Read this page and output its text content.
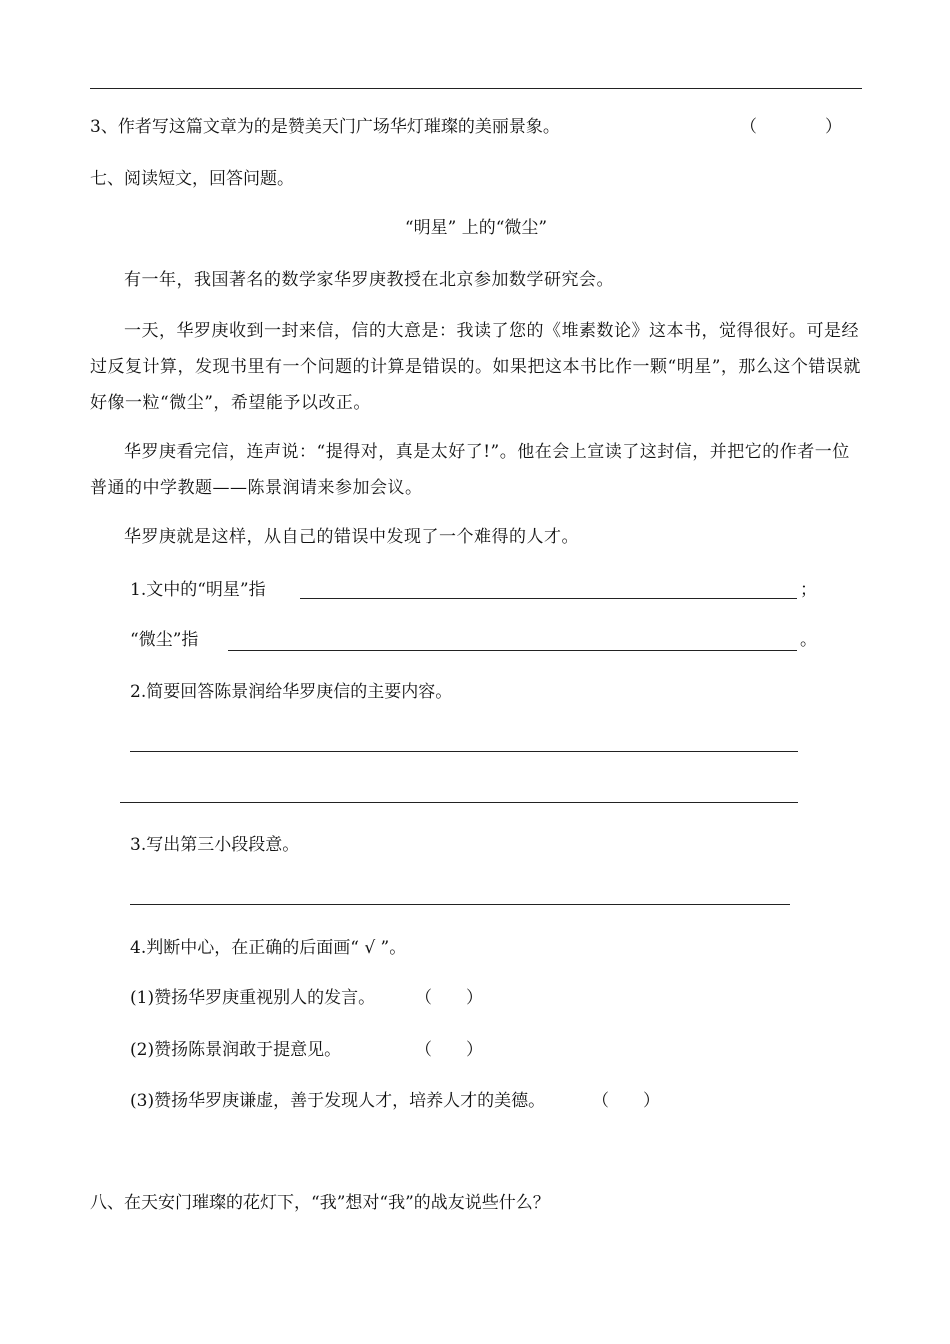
3、作者写这篇文章为的是赞美天门广场华灯璀璨的美丽景象。	（　　　　）
七、阅读短文，回答问题。
“明星” 上的“微尘”
有一年，我国著名的数学家华罗庚教授在北京参加数学研究会。
一天，华罗庚收到一封来信，信的大意是：我读了您的《堆素数论》这本书，觉得很好。可是经过反复计算，发现书里有一个问题的计算是错误的。如果把这本书比作一颗“明星”，那么这个错误就好像一粒“微尘”，希望能予以改正。
华罗庚看完信，连声说：“提得对，真是太好了!”。他在会上宣读了这封信，并把它的作者一位普通的中学教题——陈景润请来参加会议。
华罗庚就是这样，从自己的错误中发现了一个难得的人才。
1.文中的“明星”指	；
“微尘”指	。
2.简要回答陈景润给华罗庚信的主要内容。
3.写出第三小段段意。
4.判断中心，在正确的后面画“ √ ”。
(1)赞扬华罗庚重视别人的发言。 （　　）
(2)赞扬陈景润敢于提意见。	（　　）
(3)赞扬华罗庚谦虚，善于发现人才，培养人才的美德。	（　　）
八、在天安门璀璨的花灯下，“我”想对“我”的战友说些什么？
